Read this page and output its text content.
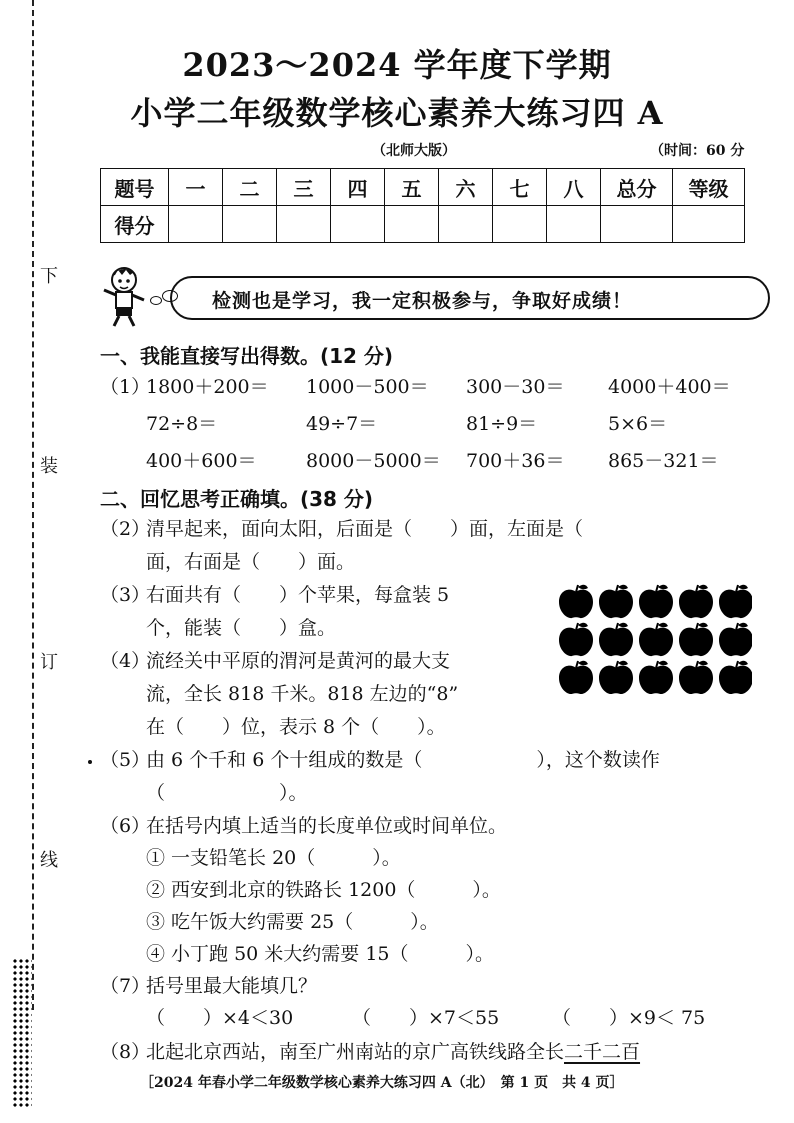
下
装
订
线
2023～2024 学年度下学期
小学二年级数学核心素养大练习四 A
（北师大版）	（时间：60 分
题号	一	二	三	四	五	六	七	八	总分	等级
得分										
检测也是学习，我一定积极参与，争取好成绩！
一、我能直接写出得数。(12 分)
（1）
1800＋200＝ 1000－500＝ 300－30＝ 4000＋400＝
72÷8＝	49÷7＝	81÷9＝	5×6＝
400＋600＝	8000－5000＝ 700＋36＝ 865－321＝
二、回忆思考正确填。(38 分)
（2）
清早起来，面向太阳，后面是（　　）面，左面是（
面，右面是（　　）面。
（3）
右面共有（　　）个苹果，每盒装 5
个，能装（　　）盒。
（4）
流经关中平原的渭河是黄河的最大支
流，全长 818 千米。818 左边的“8”
在（　　）位，表示 8 个（　　）。
（5）
由 6 个千和 6 个十组成的数是（　　　　　　），这个数读作
（　　　　　　）。
（6）
在括号内填上适当的长度单位或时间单位。
① 一支铅笔长 20（　　　）。
② 西安到北京的铁路长 1200（　　　）。
③ 吃午饭大约需要 25（　　　）。
④ 小丁跑 50 米大约需要 15（　　　）。
（7）
括号里最大能填几？
（　　）×4＜30	（　　）×7＜55	（　　）×9＜ 75
（8）
北起北京西站，南至广州南站的京广高铁线路全长二千二百
［2024 年春小学二年级数学核心素养大练习四 A（北）　第 1 页　共 4 页］
